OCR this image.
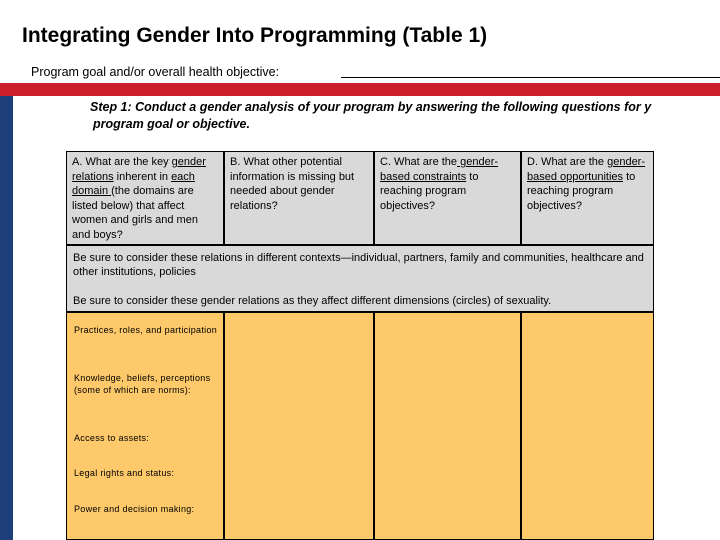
Integrating Gender Into Programming (Table 1)
Program goal and/or overall health objective:
Step 1: Conduct a gender analysis of your program by answering the following questions for y
program goal or objective.
A. What are the key gender relations inherent in each domain (the domains are listed below) that affect women and girls and men and boys?
B. What other potential information is missing but needed about gender relations?
C. What are the gender-based constraints to reaching program objectives?
D. What are the gender-based opportunities to reaching program objectives?

Be sure to consider these relations in different contexts—individual, partners, family and communities, healthcare and other institutions, policies

Be sure to consider these gender relations as they affect different dimensions (circles) of sexuality.

Practices, roles, and participation
Knowledge, beliefs, perceptions (some of which are norms):
Access to assets:
Legal rights and status:
Power and decision making:
